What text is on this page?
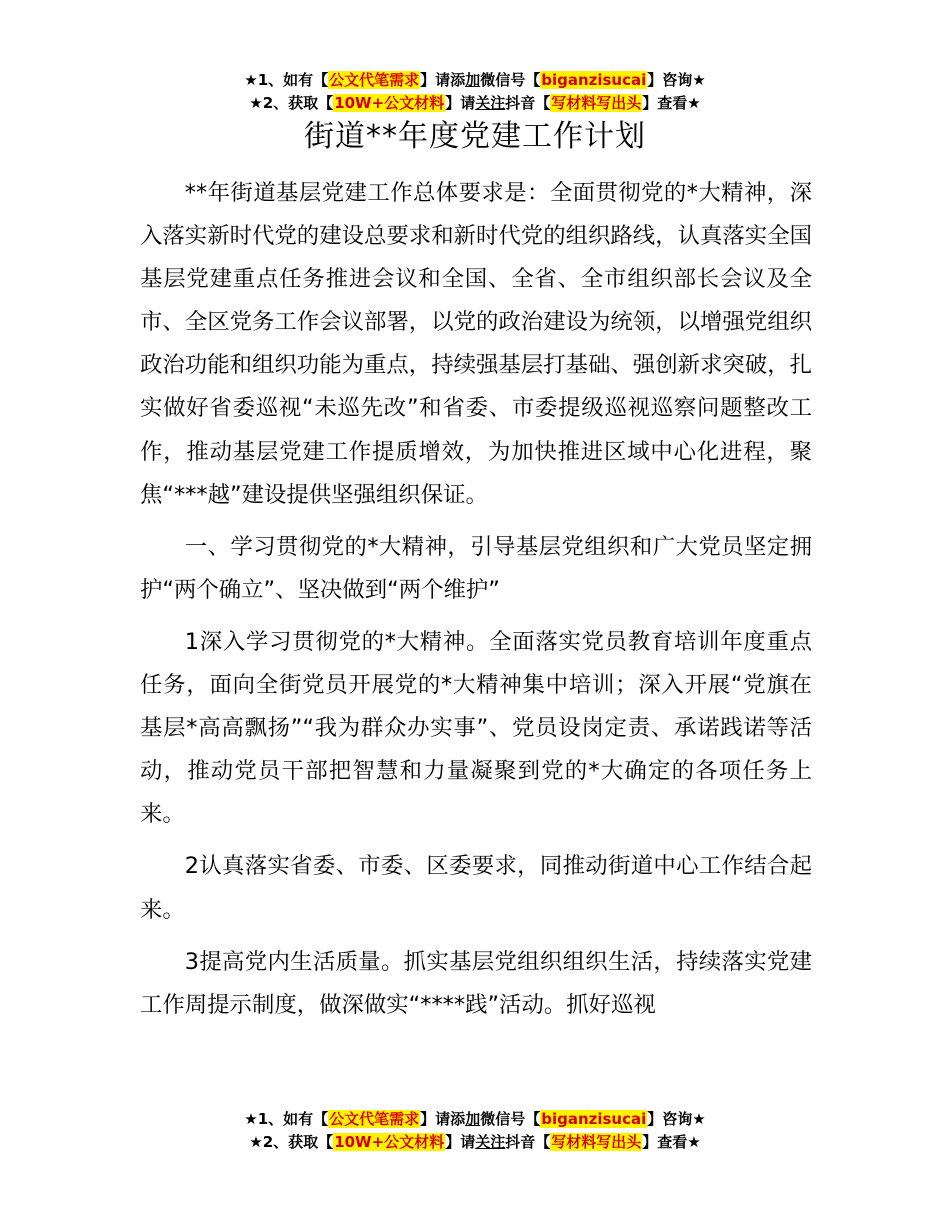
★1、如有【公文代笔需求】请添加微信号【biganzisucai】咨询★
★2、获取【10W+公文材料】请关注抖音【写材料写出头】查看★
街道**年度党建工作计划

**年街道基层党建工作总体要求是：全面贯彻党的*大精神，深入落实新时代党的建设总要求和新时代党的组织路线，认真落实全国基层党建重点任务推进会议和全国、全省、全市组织部长会议及全市、全区党务工作会议部署，以党的政治建设为统领，以增强党组织政治功能和组织功能为重点，持续强基层打基础、强创新求突破，扎实做好省委巡视“未巡先改”和省委、市委提级巡视巡察问题整改工作，推动基层党建工作提质增效，为加快推进区域中心化进程，聚焦“***越”建设提供坚强组织保证。

一、学习贯彻党的*大精神，引导基层党组织和广大党员坚定拥护“两个确立”、坚决做到“两个维护”

1深入学习贯彻党的*大精神。全面落实党员教育培训年度重点任务，面向全街党员开展党的*大精神集中培训；深入开展“党旗在基层*高高飘扬”“我为群众办实事”、党员设岗定责、承诺践诺等活动，推动党员干部把智慧和力量凝聚到党的*大确定的各项任务上来。

2认真落实省委、市委、区委要求，同推动街道中心工作结合起来。

3提高党内生活质量。抓实基层党组织组织生活，持续落实党建工作周提示制度，做深做实“****践”活动。抓好巡视

★1、如有【公文代笔需求】请添加微信号【biganzisucai】咨询★
★2、获取【10W+公文材料】请关注抖音【写材料写出头】查看★
